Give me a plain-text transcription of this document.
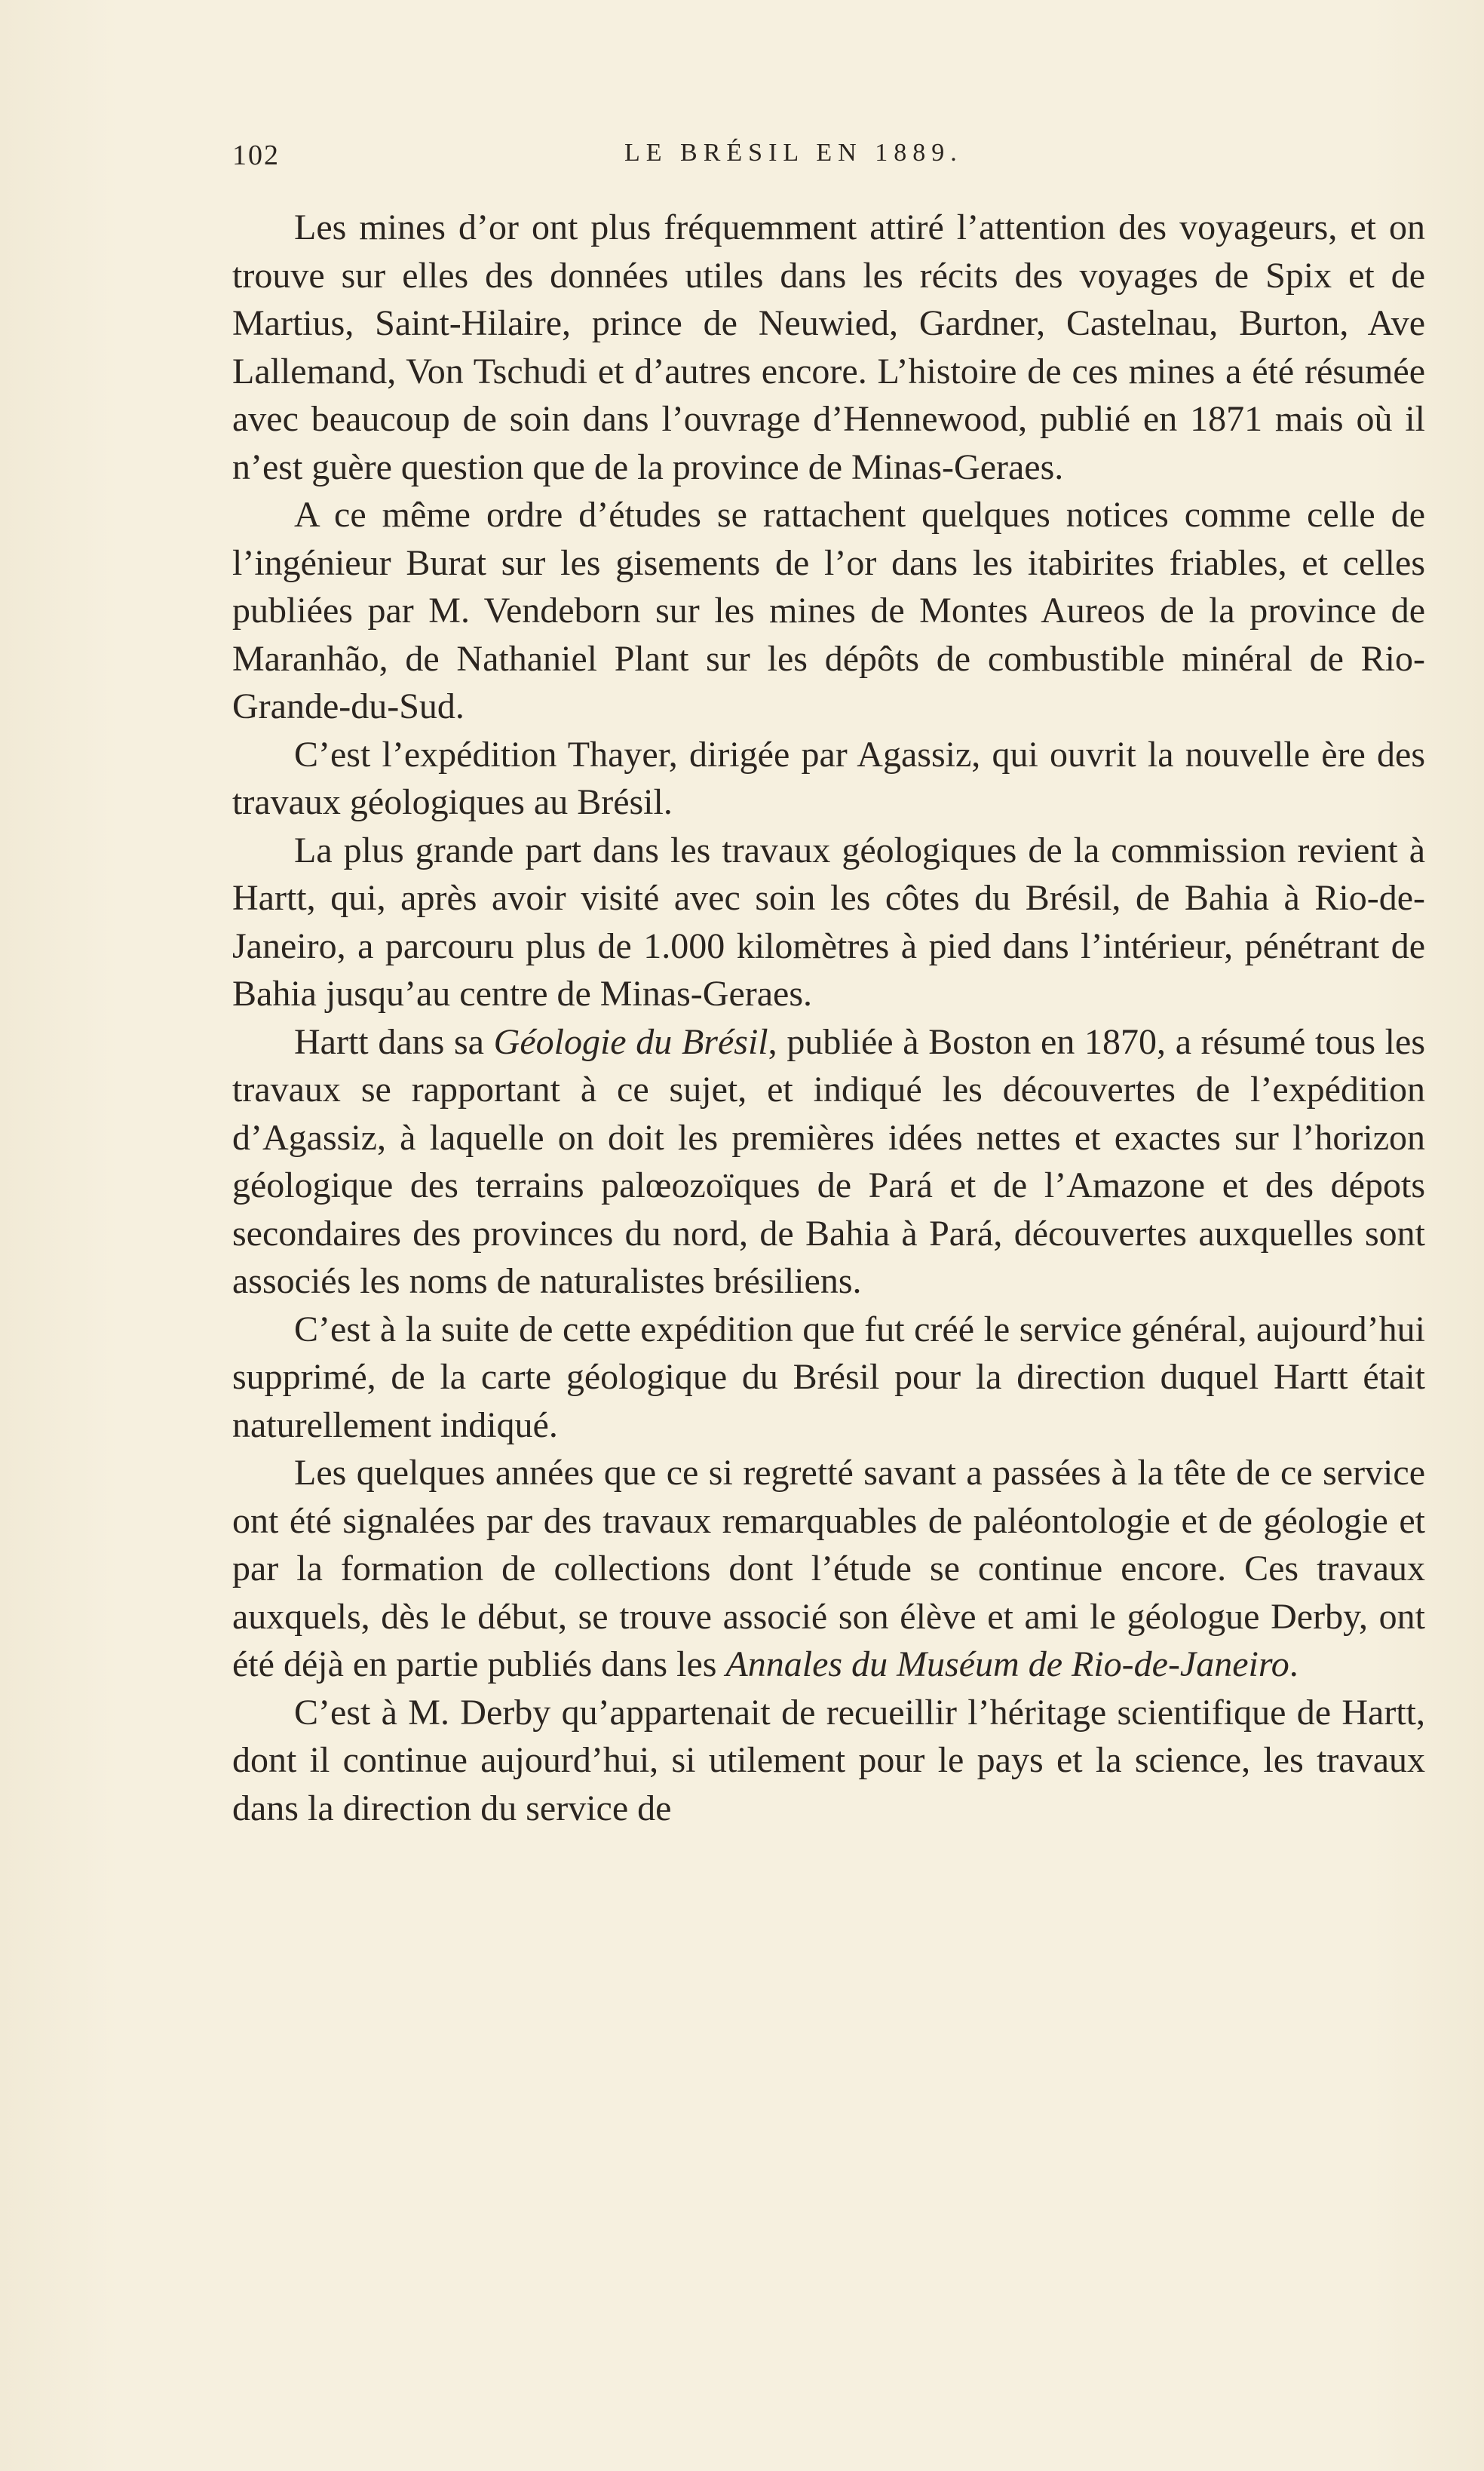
102	LE BRÉSIL EN 1889.

Les mines d’or ont plus fréquemment attiré l’attention des voyageurs, et on trouve sur elles des données utiles dans les récits des voyages de Spix et de Martius, Saint-Hilaire, prince de Neuwied, Gardner, Castelnau, Burton, Ave Lallemand, Von Tschudi et d’autres encore. L’histoire de ces mines a été résumée avec beaucoup de soin dans l’ouvrage d’Hennewood, publié en 1871 mais où il n’est guère question que de la province de Minas-Geraes.

A ce même ordre d’études se rattachent quelques notices comme celle de l’ingénieur Burat sur les gisements de l’or dans les itabirites friables, et celles publiées par M. Vendeborn sur les mines de Montes Aureos de la province de Maranhão, de Nathaniel Plant sur les dépôts de combustible minéral de Rio-Grande-du-Sud.

C’est l’expédition Thayer, dirigée par Agassiz, qui ouvrit la nouvelle ère des travaux géologiques au Brésil.

La plus grande part dans les travaux géologiques de la commission revient à Hartt, qui, après avoir visité avec soin les côtes du Brésil, de Bahia à Rio-de-Janeiro, a parcouru plus de 1.000 kilomètres à pied dans l’intérieur, pénétrant de Bahia jusqu’au centre de Minas-Geraes.

Hartt dans sa Géologie du Brésil, publiée à Boston en 1870, a résumé tous les travaux se rapportant à ce sujet, et indiqué les découvertes de l’expédition d’Agassiz, à laquelle on doit les premières idées nettes et exactes sur l’horizon géologique des terrains palœozoïques de Pará et de l’Amazone et des dépots secondaires des provinces du nord, de Bahia à Pará, découvertes auxquelles sont associés les noms de naturalistes brésiliens.

C’est à la suite de cette expédition que fut créé le service général, aujourd’hui supprimé, de la carte géologique du Brésil pour la direction duquel Hartt était naturellement indiqué.

Les quelques années que ce si regretté savant a passées à la tête de ce service ont été signalées par des travaux remarquables de paléontologie et de géologie et par la formation de collections dont l’étude se continue encore. Ces travaux auxquels, dès le début, se trouve associé son élève et ami le géologue Derby, ont été déjà en partie publiés dans les Annales du Muséum de Rio-de-Janeiro.

C’est à M. Derby qu’appartenait de recueillir l’héritage scientifique de Hartt, dont il continue aujourd’hui, si utilement pour le pays et la science, les travaux dans la direction du service de
